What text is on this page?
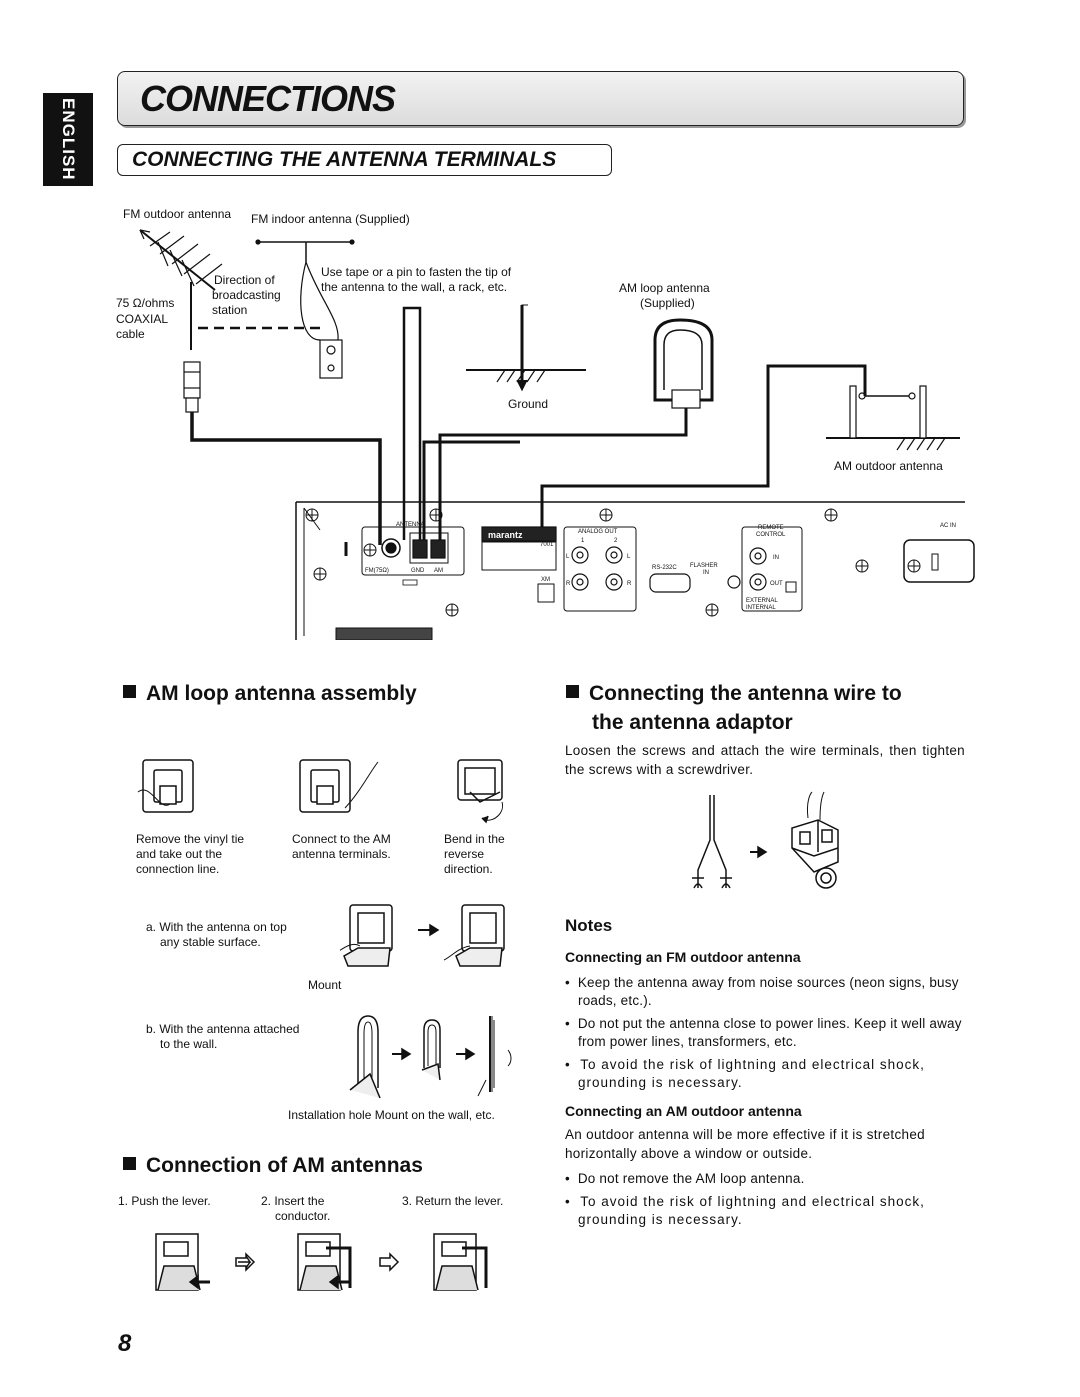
ENGLISH CONNECTIONS
CONNECTING THE ANTENNA TERMINALS
FM outdoor antenna FM indoor antenna (Supplied)
Direction of
broadcasting
station
75 Ω/ohms
COAXIAL
cable
Use tape or a pin to fasten the tip of
the antenna to the wall, a rack, etc.	AM loop antenna
(Supplied)
Ground
AM outdoor antenna
ANTENNA
FM(75Ω)	GND AM
marantz
7001
ANALOG OUT
1	2
L	L
R	R
XM
RS-232C FLASHER
IN
REMOTE
CONTROL
IN
OUT
EXTERNAL
INTERNAL
AC IN
AM loop antenna assembly
Remove the vinyl tie
and take out the
connection line.
Connect to the AM
antenna terminals.
Bend in the
reverse
direction.
a. With the antenna on top
any stable surface.
Mount
b. With the antenna attached
to the wall.
Installation hole Mount on the wall, etc.
Connection of AM antennas
1. Push the lever.	2. Insert the
conductor.
3. Return the lever.
Connecting the antenna wire to
the antenna adaptor
Loosen the screws and attach the wire terminals, then tighten the screws with a screwdriver.
Notes
Connecting an FM outdoor antenna
•  Keep the antenna away from noise sources (neon signs, busy roads, etc.).
•  Do not put the antenna close to power lines. Keep it well away from power lines, transformers, etc.
•  To avoid the risk of lightning and electrical shock, grounding is necessary.
Connecting an AM outdoor antenna
An outdoor antenna will be more effective if it is stretched horizontally above a window or outside.
•  Do not remove the AM loop antenna.
•  To avoid the risk of lightning and electrical shock, grounding is necessary.
8
